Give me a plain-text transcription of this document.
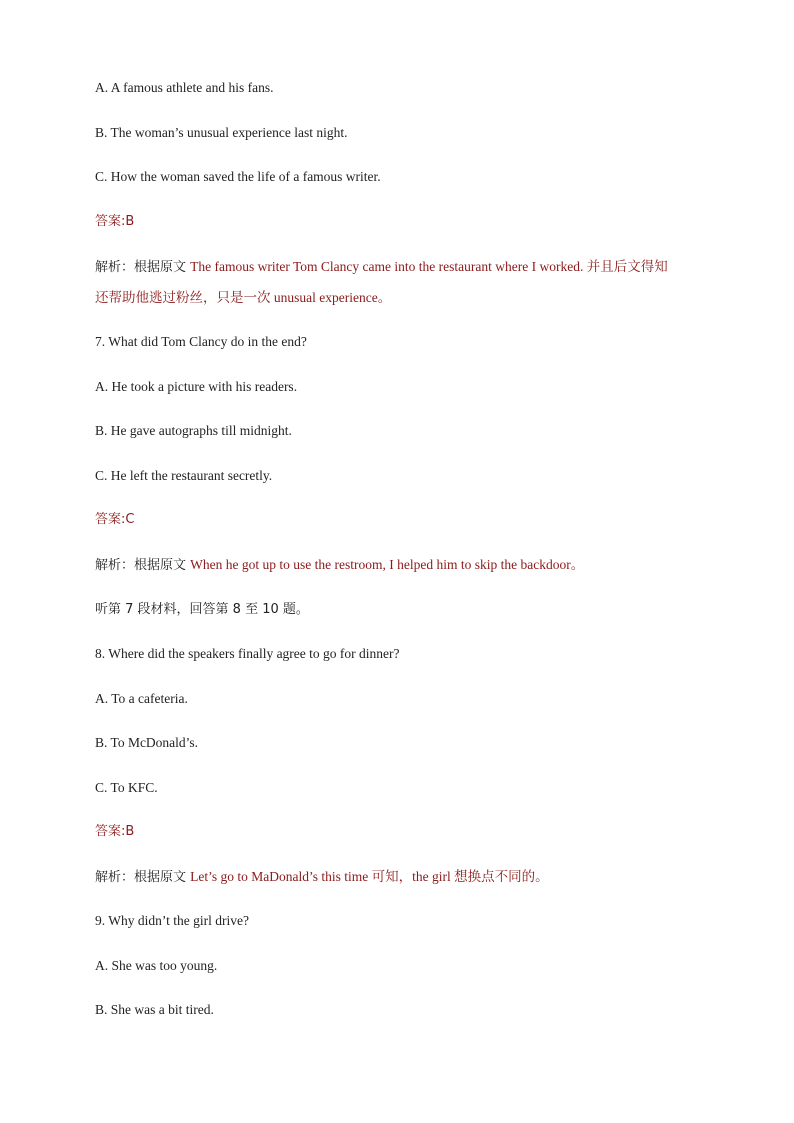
A. A famous athlete and his fans.
B. The woman’s unusual experience last night.
C. How the woman saved the life of a famous writer.
答案:B
解析：根据原文 The famous writer Tom Clancy came into the restaurant where I worked. 并且后文得知
还帮助他逃过粉丝，只是一次 unusual experience。
7. What did Tom Clancy do in the end?
A. He took a picture with his readers.
B. He gave autographs till midnight.
C. He left the restaurant secretly.
答案:C
解析：根据原文 When he got up to use the restroom, I helped him to skip the backdoor。
听第 7 段材料，回答第 8 至 10 题。
8. Where did the speakers finally agree to go for dinner?
A. To a cafeteria.
B. To McDonald’s.
C. To KFC.
答案:B
解析：根据原文 Let’s go to MaDonald’s this time 可知，the girl 想换点不同的。
9. Why didn’t the girl drive?
A. She was too young.
B. She was a bit tired.
